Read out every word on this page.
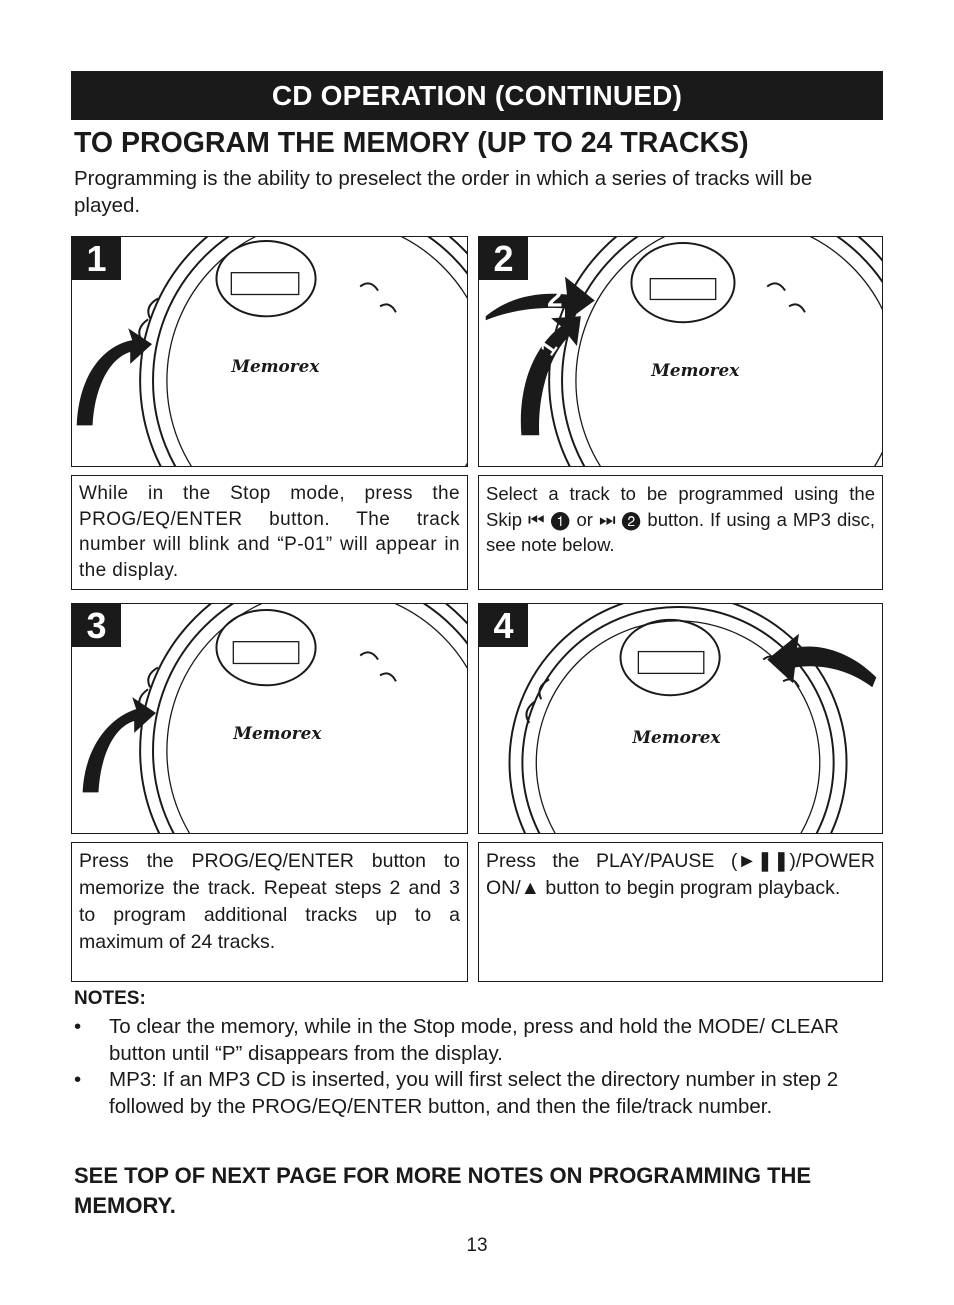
CD OPERATION (CONTINUED)
TO PROGRAM THE MEMORY (UP TO 24 TRACKS)

Programming is the ability to preselect the order in which a series of tracks will be played.

1
Memorex
2
Memorex
2
1
While in the Stop mode, press the PROG/EQ/ENTER button. The track number will blink and “P-01” will appear in the display.
Select a track to be programmed using the Skip ⏮ ❶ or ⏭ ❷ button. If using a MP3 disc, see note below.
3
Memorex
4
Memorex
Press the PROG/EQ/ENTER button to memorize the track. Repeat steps 2 and 3 to program additional tracks up to a maximum of 24 tracks.
Press the PLAY/PAUSE (►❚❚)/POWER ON/▲ button to begin program playback.

NOTES:

• To clear the memory, while in the Stop mode, press and hold the MODE/ CLEAR button until “P” disappears from the display.
• MP3: If an MP3 CD is inserted, you will first select the directory number in step 2 followed by the PROG/EQ/ENTER button, and then the file/track number.

SEE TOP OF NEXT PAGE FOR MORE NOTES ON PROGRAMMING THE MEMORY.

13
